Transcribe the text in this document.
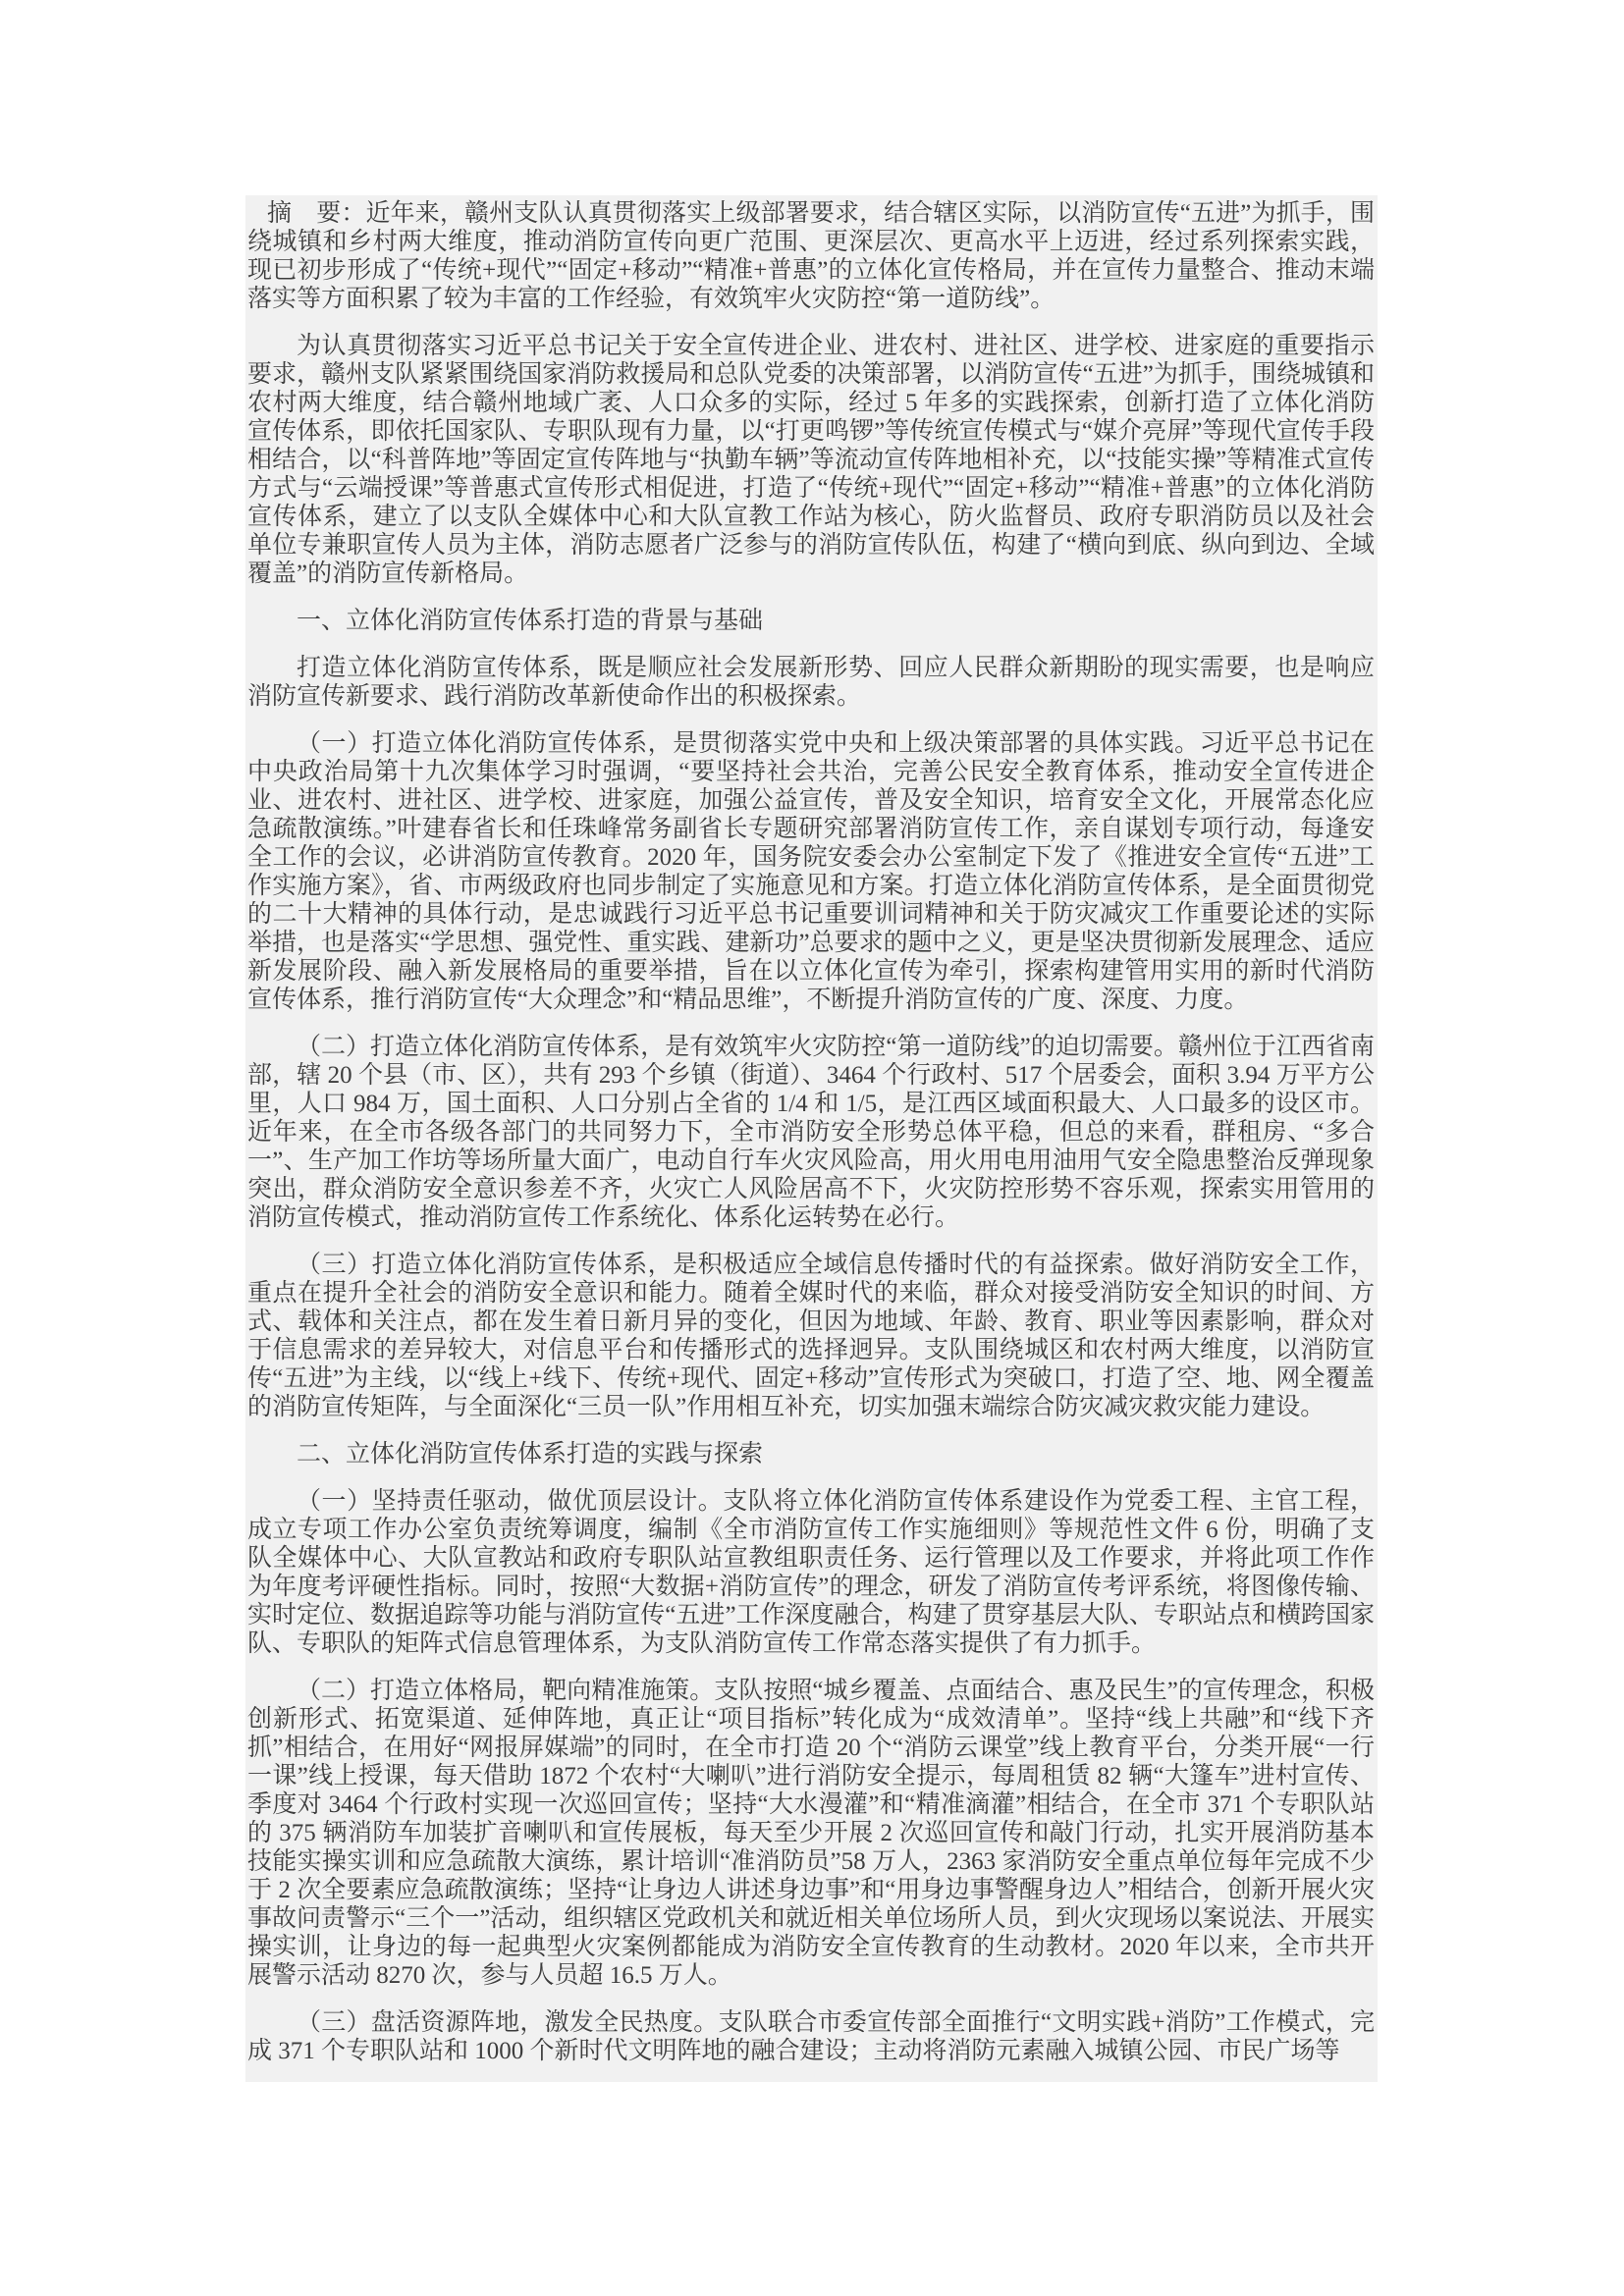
摘　要：近年来，赣州支队认真贯彻落实上级部署要求，结合辖区实际，以消防宣传“五进”为抓手，围绕城镇和乡村两大维度，推动消防宣传向更广范围、更深层次、更高水平上迈进，经过系列探索实践，现已初步形成了“传统+现代”“固定+移动”“精准+普惠”的立体化宣传格局，并在宣传力量整合、推动末端落实等方面积累了较为丰富的工作经验，有效筑牢火灾防控“第一道防线”。

为认真贯彻落实习近平总书记关于安全宣传进企业、进农村、进社区、进学校、进家庭的重要指示要求，赣州支队紧紧围绕国家消防救援局和总队党委的决策部署，以消防宣传“五进”为抓手，围绕城镇和农村两大维度，结合赣州地域广袤、人口众多的实际，经过 5 年多的实践探索，创新打造了立体化消防宣传体系，即依托国家队、专职队现有力量，以“打更鸣锣”等传统宣传模式与“媒介亮屏”等现代宣传手段相结合，以“科普阵地”等固定宣传阵地与“执勤车辆”等流动宣传阵地相补充，以“技能实操”等精准式宣传方式与“云端授课”等普惠式宣传形式相促进，打造了“传统+现代”“固定+移动”“精准+普惠”的立体化消防宣传体系，建立了以支队全媒体中心和大队宣教工作站为核心，防火监督员、政府专职消防员以及社会单位专兼职宣传人员为主体，消防志愿者广泛参与的消防宣传队伍，构建了“横向到底、纵向到边、全域覆盖”的消防宣传新格局。

一、立体化消防宣传体系打造的背景与基础

打造立体化消防宣传体系，既是顺应社会发展新形势、回应人民群众新期盼的现实需要，也是响应消防宣传新要求、践行消防改革新使命作出的积极探索。

（一）打造立体化消防宣传体系，是贯彻落实党中央和上级决策部署的具体实践。习近平总书记在中央政治局第十九次集体学习时强调，“要坚持社会共治，完善公民安全教育体系，推动安全宣传进企业、进农村、进社区、进学校、进家庭，加强公益宣传，普及安全知识，培育安全文化，开展常态化应急疏散演练。”叶建春省长和任珠峰常务副省长专题研究部署消防宣传工作，亲自谋划专项行动，每逢安全工作的会议，必讲消防宣传教育。2020 年，国务院安委会办公室制定下发了《推进安全宣传“五进”工作实施方案》，省、市两级政府也同步制定了实施意见和方案。打造立体化消防宣传体系，是全面贯彻党的二十大精神的具体行动，是忠诚践行习近平总书记重要训词精神和关于防灾减灾工作重要论述的实际举措，也是落实“学思想、强党性、重实践、建新功”总要求的题中之义，更是坚决贯彻新发展理念、适应新发展阶段、融入新发展格局的重要举措，旨在以立体化宣传为牵引，探索构建管用实用的新时代消防宣传体系，推行消防宣传“大众理念”和“精品思维”，不断提升消防宣传的广度、深度、力度。

（二）打造立体化消防宣传体系，是有效筑牢火灾防控“第一道防线”的迫切需要。赣州位于江西省南部，辖 20 个县（市、区），共有 293 个乡镇（街道）、3464 个行政村、517 个居委会，面积 3.94 万平方公里，人口 984 万，国土面积、人口分别占全省的 1/4 和 1/5，是江西区域面积最大、人口最多的设区市。近年来，在全市各级各部门的共同努力下，全市消防安全形势总体平稳，但总的来看，群租房、“多合一”、生产加工作坊等场所量大面广，电动自行车火灾风险高，用火用电用油用气安全隐患整治反弹现象突出，群众消防安全意识参差不齐，火灾亡人风险居高不下，火灾防控形势不容乐观，探索实用管用的消防宣传模式，推动消防宣传工作系统化、体系化运转势在必行。

（三）打造立体化消防宣传体系，是积极适应全域信息传播时代的有益探索。做好消防安全工作，重点在提升全社会的消防安全意识和能力。随着全媒时代的来临，群众对接受消防安全知识的时间、方式、载体和关注点，都在发生着日新月异的变化，但因为地域、年龄、教育、职业等因素影响，群众对于信息需求的差异较大，对信息平台和传播形式的选择迥异。支队围绕城区和农村两大维度，以消防宣传“五进”为主线，以“线上+线下、传统+现代、固定+移动”宣传形式为突破口，打造了空、地、网全覆盖的消防宣传矩阵，与全面深化“三员一队”作用相互补充，切实加强末端综合防灾减灾救灾能力建设。

二、立体化消防宣传体系打造的实践与探索

（一）坚持责任驱动，做优顶层设计。支队将立体化消防宣传体系建设作为党委工程、主官工程，成立专项工作办公室负责统筹调度，编制《全市消防宣传工作实施细则》等规范性文件 6 份，明确了支队全媒体中心、大队宣教站和政府专职队站宣教组职责任务、运行管理以及工作要求，并将此项工作作为年度考评硬性指标。同时，按照“大数据+消防宣传”的理念，研发了消防宣传考评系统，将图像传输、实时定位、数据追踪等功能与消防宣传“五进”工作深度融合，构建了贯穿基层大队、专职站点和横跨国家队、专职队的矩阵式信息管理体系，为支队消防宣传工作常态落实提供了有力抓手。

（二）打造立体格局，靶向精准施策。支队按照“城乡覆盖、点面结合、惠及民生”的宣传理念，积极创新形式、拓宽渠道、延伸阵地，真正让“项目指标”转化成为“成效清单”。坚持“线上共融”和“线下齐抓”相结合，在用好“网报屏媒端”的同时，在全市打造 20 个“消防云课堂”线上教育平台，分类开展“一行一课”线上授课，每天借助 1872 个农村“大喇叭”进行消防安全提示，每周租赁 82 辆“大篷车”进村宣传、季度对 3464 个行政村实现一次巡回宣传；坚持“大水漫灌”和“精准滴灌”相结合，在全市 371 个专职队站的 375 辆消防车加装扩音喇叭和宣传展板，每天至少开展 2 次巡回宣传和敲门行动，扎实开展消防基本技能实操实训和应急疏散大演练，累计培训“准消防员”58 万人，2363 家消防安全重点单位每年完成不少于 2 次全要素应急疏散演练；坚持“让身边人讲述身边事”和“用身边事警醒身边人”相结合，创新开展火灾事故问责警示“三个一”活动，组织辖区党政机关和就近相关单位场所人员，到火灾现场以案说法、开展实操实训，让身边的每一起典型火灾案例都能成为消防安全宣传教育的生动教材。2020 年以来，全市共开展警示活动 8270 次，参与人员超 16.5 万人。

（三）盘活资源阵地，激发全民热度。支队联合市委宣传部全面推行“文明实践+消防”工作模式，完成 371 个专职队站和 1000 个新时代文明阵地的融合建设；主动将消防元素融入城镇公园、市民广场等
